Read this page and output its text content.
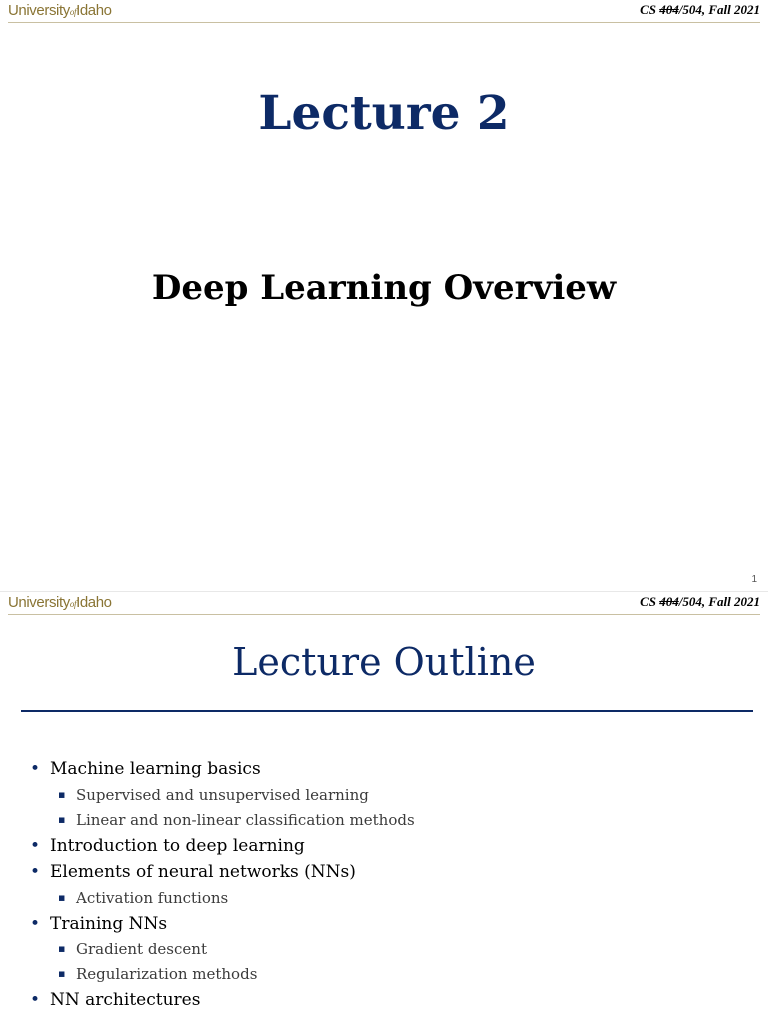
UniversityofIdaho	CS 404/504, Fall 2021
Lecture 2
Deep Learning Overview
1
UniversityofIdaho	CS 404/504, Fall 2021
Lecture Outline
• Machine learning basics
▪ Supervised and unsupervised learning
▪ Linear and non-linear classification methods
• Introduction to deep learning
• Elements of neural networks (NNs)
▪ Activation functions
• Training NNs
▪ Gradient descent
▪ Regularization methods
• NN architectures
